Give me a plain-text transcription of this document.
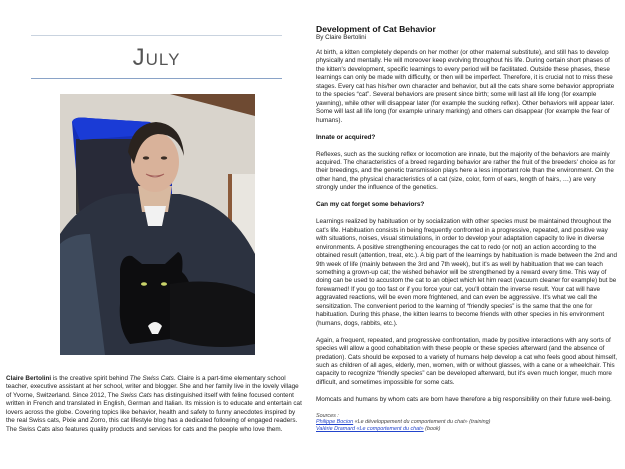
July
Claire Bertolini is the creative spirit behind The Swiss Cats. Claire is a part-time elementary school teacher, executive assistant at her school, writer and blogger. She and her family live in the lovely village of Yvorne, Switzerland. Since 2012, The Swiss Cats has distinguished itself with feline focused content written in French and translated in English, German and Italian. Its mission is to educate and entertain cat lovers across the globe. Covering topics like behavior, health and safety to funny anecdotes inspired by the real Swiss cats, Pixie and Zorro, this cat lifestyle blog has a dedicated following of engaged readers. The Swiss Cats also features quality products and services for cats and the people who love them.
Development of Cat Behavior
By Claire Bertolini

At birth, a kitten completely depends on her mother (or other maternal substitute), and still has to develop physically and mentally. He will moreover keep evolving throughout his life. During certain short phases of the kitten's development, specific learnings to every period will be facilitated. Outside these phases, these learnings can only be made with difficulty, or then will be imperfect. Therefore, it is crucial not to miss these stages. Every cat has his/her own character and behavior, but all the cats share some behavior appropriate to the species “cat”. Several behaviors are present since birth; some will last all life long (for example yawning), while other will disappear later (for example the sucking reflex). Other behaviors will appear later. Some will last all life long (for example urinary marking) and others can disappear (for example the fear of humans).

Innate or acquired?

Reflexes, such as the sucking reflex or locomotion are innate, but the majority of the behaviors are mainly acquired. The characteristics of a breed regarding behavior are rather the fruit of the breeders' choice as for their breedings, and the genetic transmission plays here a less important role than the environment. On the other hand, the physical characteristics of a cat (size, color, form of ears, length of hairs, …) are very strongly under the influence of the genetics.

Can my cat forget some behaviors?

Learnings realized by habituation or by socialization with other species must be maintained throughout the cat's life. Habituation consists in being frequently confronted in a progressive, repeated, and positive way with situations, noises, visual stimulations, in order to develop your adaptation capacity to live in diverse environments. A positive strengthening encourages the cat to redo (or not) an action according to the obtained result (attention, treat, etc.). A big part of the learnings by habituation is made between the 2nd and 9th week of life (mainly between the 3rd and 7th week), but it's as well by habituation that we can teach something a grown-up cat; the wished behavior will be strengthened by a reward every time. This way of doing can be used to accustom the cat to an object which let him react (vacuum cleaner for example) but be forewarned! If you go too fast or if you force your cat, you'll obtain the inverse result. Your cat will have aggravated reactions, will be even more frightened, and can even be aggressive. It's what we call the sensitization. The convenient period to the learning of “friendly species” is the same that the one for habituation. During this phase, the kitten learns to become friends with other species in his environment (humans, dogs, rabbits, etc.).

Again, a frequent, repeated, and progressive confrontation, made by positive interactions with any sorts of species will allow a good cohabitation with these people or these species afterward (and the absence of predation). Cats should be exposed to a variety of humans help develop a cat who feels good about himself, such as children of all ages, elderly, men, women, with or without glasses, with a cane or a wheelchair. This capacity to recognize “friendly species” can be developed afterward, but it's even much longer, much more difficult, and sometimes impossible for some cats.

Momcats and humans by whom cats are born have therefore a big responsibility on their future well-being.

Sources :
Philippe Bocion «Le développement du comportement du chat» (training)
Valérie Dramard «Le comportement du chat» (book)
